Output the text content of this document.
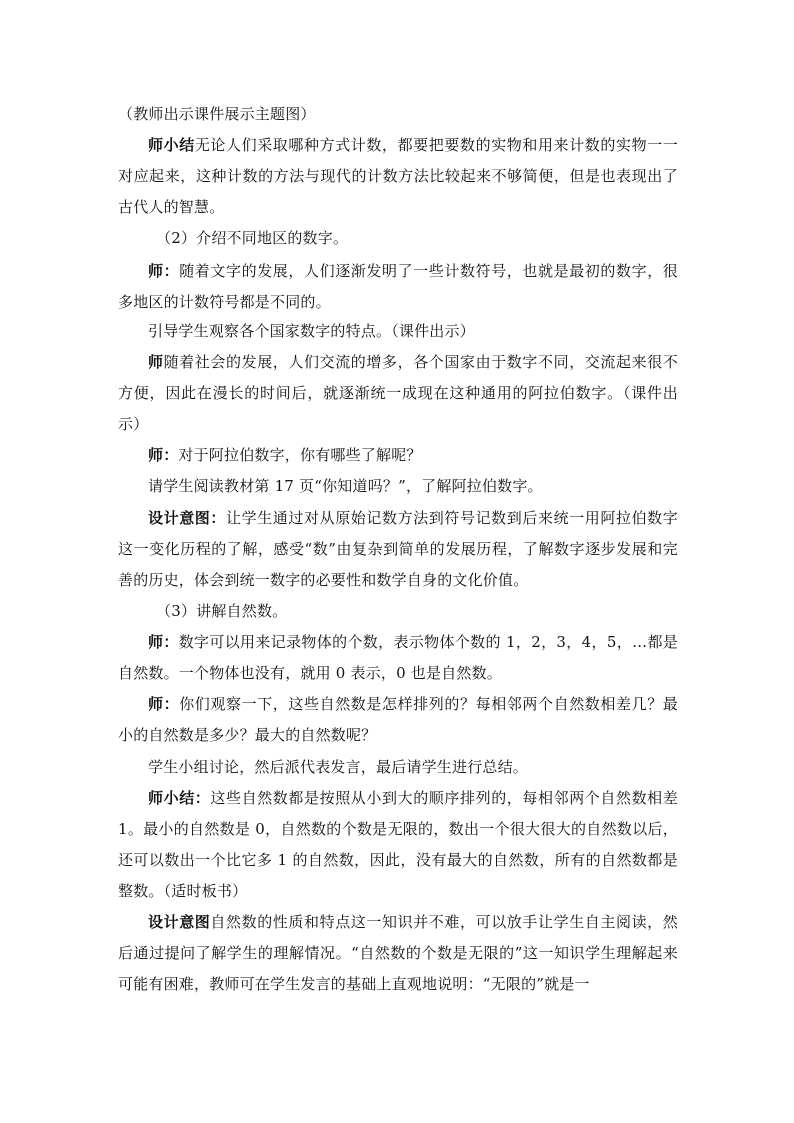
（教师出示课件展示主题图）

师小结无论人们采取哪种方式计数，都要把要数的实物和用来计数的实物一一对应起来，这种计数的方法与现代的计数方法比较起来不够简便，但是也表现出了古代人的智慧。

（2）介绍不同地区的数字。

师：随着文字的发展，人们逐渐发明了一些计数符号，也就是最初的数字，很多地区的计数符号都是不同的。

引导学生观察各个国家数字的特点。（课件出示）

师随着社会的发展，人们交流的增多，各个国家由于数字不同，交流起来很不方便，因此在漫长的时间后，就逐渐统一成现在这种通用的阿拉伯数字。（课件出示）

师：对于阿拉伯数字，你有哪些了解呢？

请学生阅读教材第 17 页“你知道吗？”，了解阿拉伯数字。

设计意图：让学生通过对从原始记数方法到符号记数到后来统一用阿拉伯数字这一变化历程的了解，感受“数”由复杂到简单的发展历程，了解数字逐步发展和完善的历史，体会到统一数字的必要性和数学自身的文化价值。

（3）讲解自然数。

师：数字可以用来记录物体的个数，表示物体个数的 1，2，3，4，5，…都是自然数。一个物体也没有，就用 0 表示，0 也是自然数。

师：你们观察一下，这些自然数是怎样排列的？每相邻两个自然数相差几？最小的自然数是多少？最大的自然数呢？

学生小组讨论，然后派代表发言，最后请学生进行总结。

师小结：这些自然数都是按照从小到大的顺序排列的，每相邻两个自然数相差 1。最小的自然数是 0，自然数的个数是无限的，数出一个很大很大的自然数以后，还可以数出一个比它多 1 的自然数，因此，没有最大的自然数，所有的自然数都是整数。（适时板书）

设计意图自然数的性质和特点这一知识并不难，可以放手让学生自主阅读，然后通过提问了解学生的理解情况。“自然数的个数是无限的”这一知识学生理解起来可能有困难，教师可在学生发言的基础上直观地说明：“无限的”就是一
